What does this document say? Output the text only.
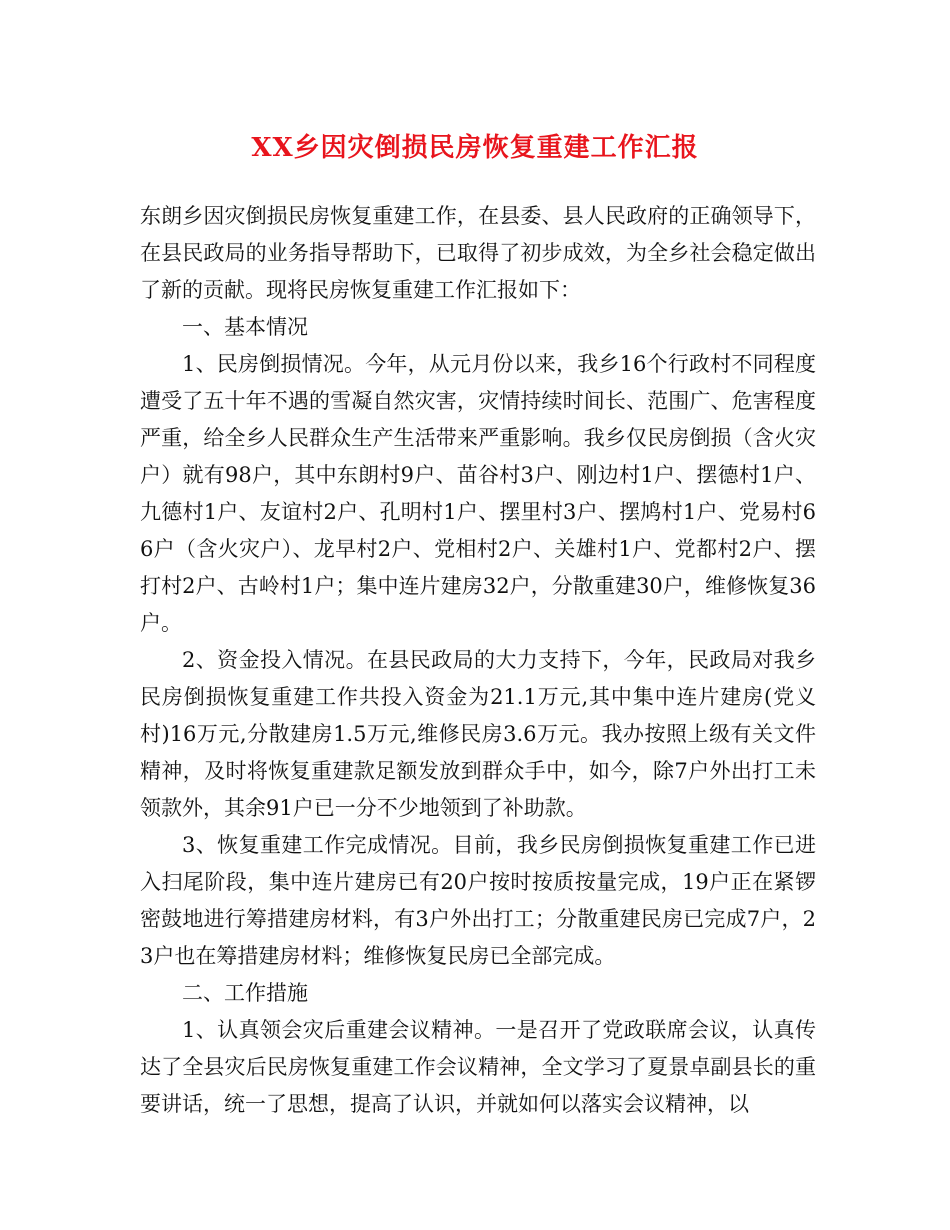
XX乡因灾倒损民房恢复重建工作汇报

东朗乡因灾倒损民房恢复重建工作，在县委、县人民政府的正确领导下，在县民政局的业务指导帮助下，已取得了初步成效，为全乡社会稳定做出了新的贡献。现将民房恢复重建工作汇报如下：

一、基本情况

1、民房倒损情况。今年，从元月份以来，我乡16个行政村不同程度遭受了五十年不遇的雪凝自然灾害，灾情持续时间长、范围广、危害程度严重，给全乡人民群众生产生活带来严重影响。我乡仅民房倒损（含火灾户）就有98户，其中东朗村9户、苗谷村3户、刚边村1户、摆德村1户、九德村1户、友谊村2户、孔明村1户、摆里村3户、摆鸠村1户、党易村66户（含火灾户）、龙早村2户、党相村2户、关雄村1户、党都村2户、摆打村2户、古岭村1户；集中连片建房32户，分散重建30户，维修恢复36户。

2、资金投入情况。在县民政局的大力支持下，今年，民政局对我乡民房倒损恢复重建工作共投入资金为21.1万元,其中集中连片建房(党义村)16万元,分散建房1.5万元,维修民房3.6万元。我办按照上级有关文件精神，及时将恢复重建款足额发放到群众手中，如今，除7户外出打工未领款外，其余91户已一分不少地领到了补助款。

3、恢复重建工作完成情况。目前，我乡民房倒损恢复重建工作已进入扫尾阶段，集中连片建房已有20户按时按质按量完成，19户正在紧锣密鼓地进行筹措建房材料，有3户外出打工；分散重建民房已完成7户，23户也在筹措建房材料；维修恢复民房已全部完成。

二、工作措施

1、认真领会灾后重建会议精神。一是召开了党政联席会议，认真传达了全县灾后民房恢复重建工作会议精神，全文学习了夏景卓副县长的重要讲话，统一了思想，提高了认识，并就如何以落实会议精神，以
